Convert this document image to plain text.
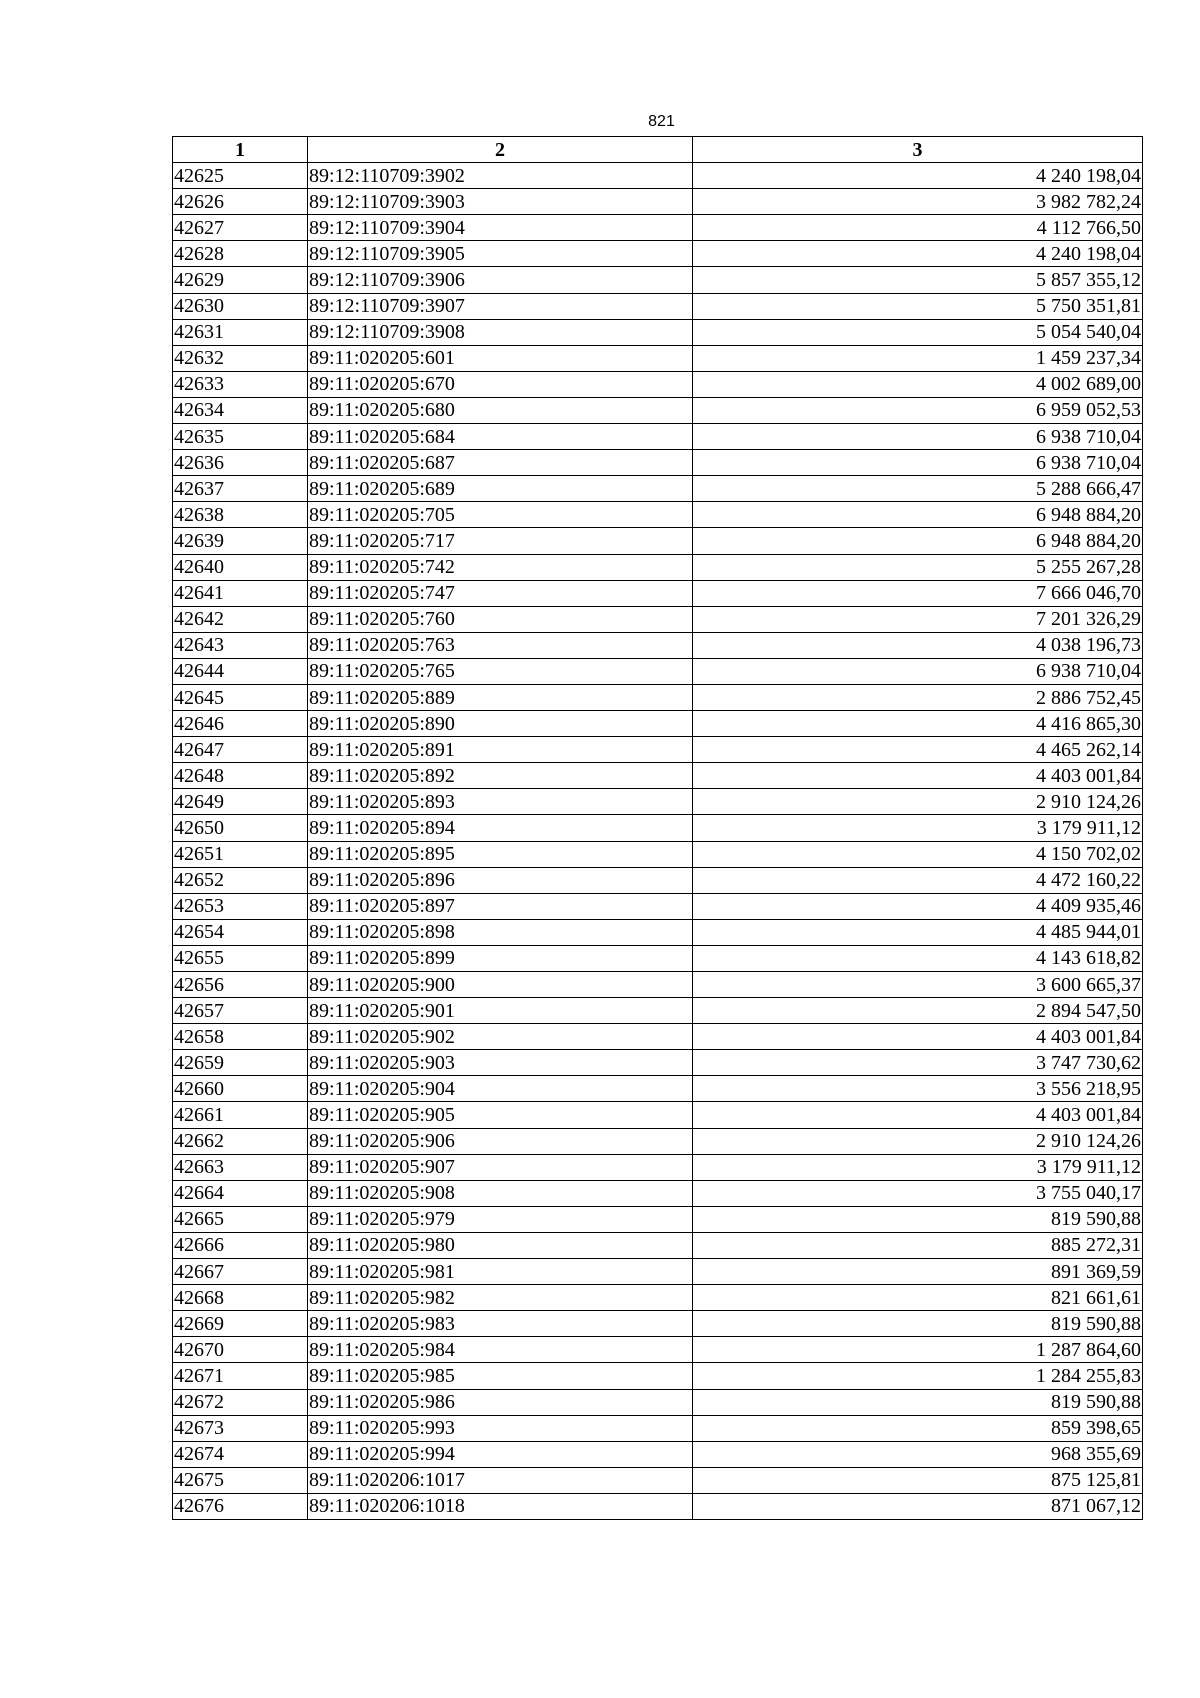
821
1	2	3
42625	89:12:110709:3902	4 240 198,04
42626	89:12:110709:3903	3 982 782,24
42627	89:12:110709:3904	4 112 766,50
42628	89:12:110709:3905	4 240 198,04
42629	89:12:110709:3906	5 857 355,12
42630	89:12:110709:3907	5 750 351,81
42631	89:12:110709:3908	5 054 540,04
42632	89:11:020205:601	1 459 237,34
42633	89:11:020205:670	4 002 689,00
42634	89:11:020205:680	6 959 052,53
42635	89:11:020205:684	6 938 710,04
42636	89:11:020205:687	6 938 710,04
42637	89:11:020205:689	5 288 666,47
42638	89:11:020205:705	6 948 884,20
42639	89:11:020205:717	6 948 884,20
42640	89:11:020205:742	5 255 267,28
42641	89:11:020205:747	7 666 046,70
42642	89:11:020205:760	7 201 326,29
42643	89:11:020205:763	4 038 196,73
42644	89:11:020205:765	6 938 710,04
42645	89:11:020205:889	2 886 752,45
42646	89:11:020205:890	4 416 865,30
42647	89:11:020205:891	4 465 262,14
42648	89:11:020205:892	4 403 001,84
42649	89:11:020205:893	2 910 124,26
42650	89:11:020205:894	3 179 911,12
42651	89:11:020205:895	4 150 702,02
42652	89:11:020205:896	4 472 160,22
42653	89:11:020205:897	4 409 935,46
42654	89:11:020205:898	4 485 944,01
42655	89:11:020205:899	4 143 618,82
42656	89:11:020205:900	3 600 665,37
42657	89:11:020205:901	2 894 547,50
42658	89:11:020205:902	4 403 001,84
42659	89:11:020205:903	3 747 730,62
42660	89:11:020205:904	3 556 218,95
42661	89:11:020205:905	4 403 001,84
42662	89:11:020205:906	2 910 124,26
42663	89:11:020205:907	3 179 911,12
42664	89:11:020205:908	3 755 040,17
42665	89:11:020205:979	819 590,88
42666	89:11:020205:980	885 272,31
42667	89:11:020205:981	891 369,59
42668	89:11:020205:982	821 661,61
42669	89:11:020205:983	819 590,88
42670	89:11:020205:984	1 287 864,60
42671	89:11:020205:985	1 284 255,83
42672	89:11:020205:986	819 590,88
42673	89:11:020205:993	859 398,65
42674	89:11:020205:994	968 355,69
42675	89:11:020206:1017	875 125,81
42676	89:11:020206:1018	871 067,12
